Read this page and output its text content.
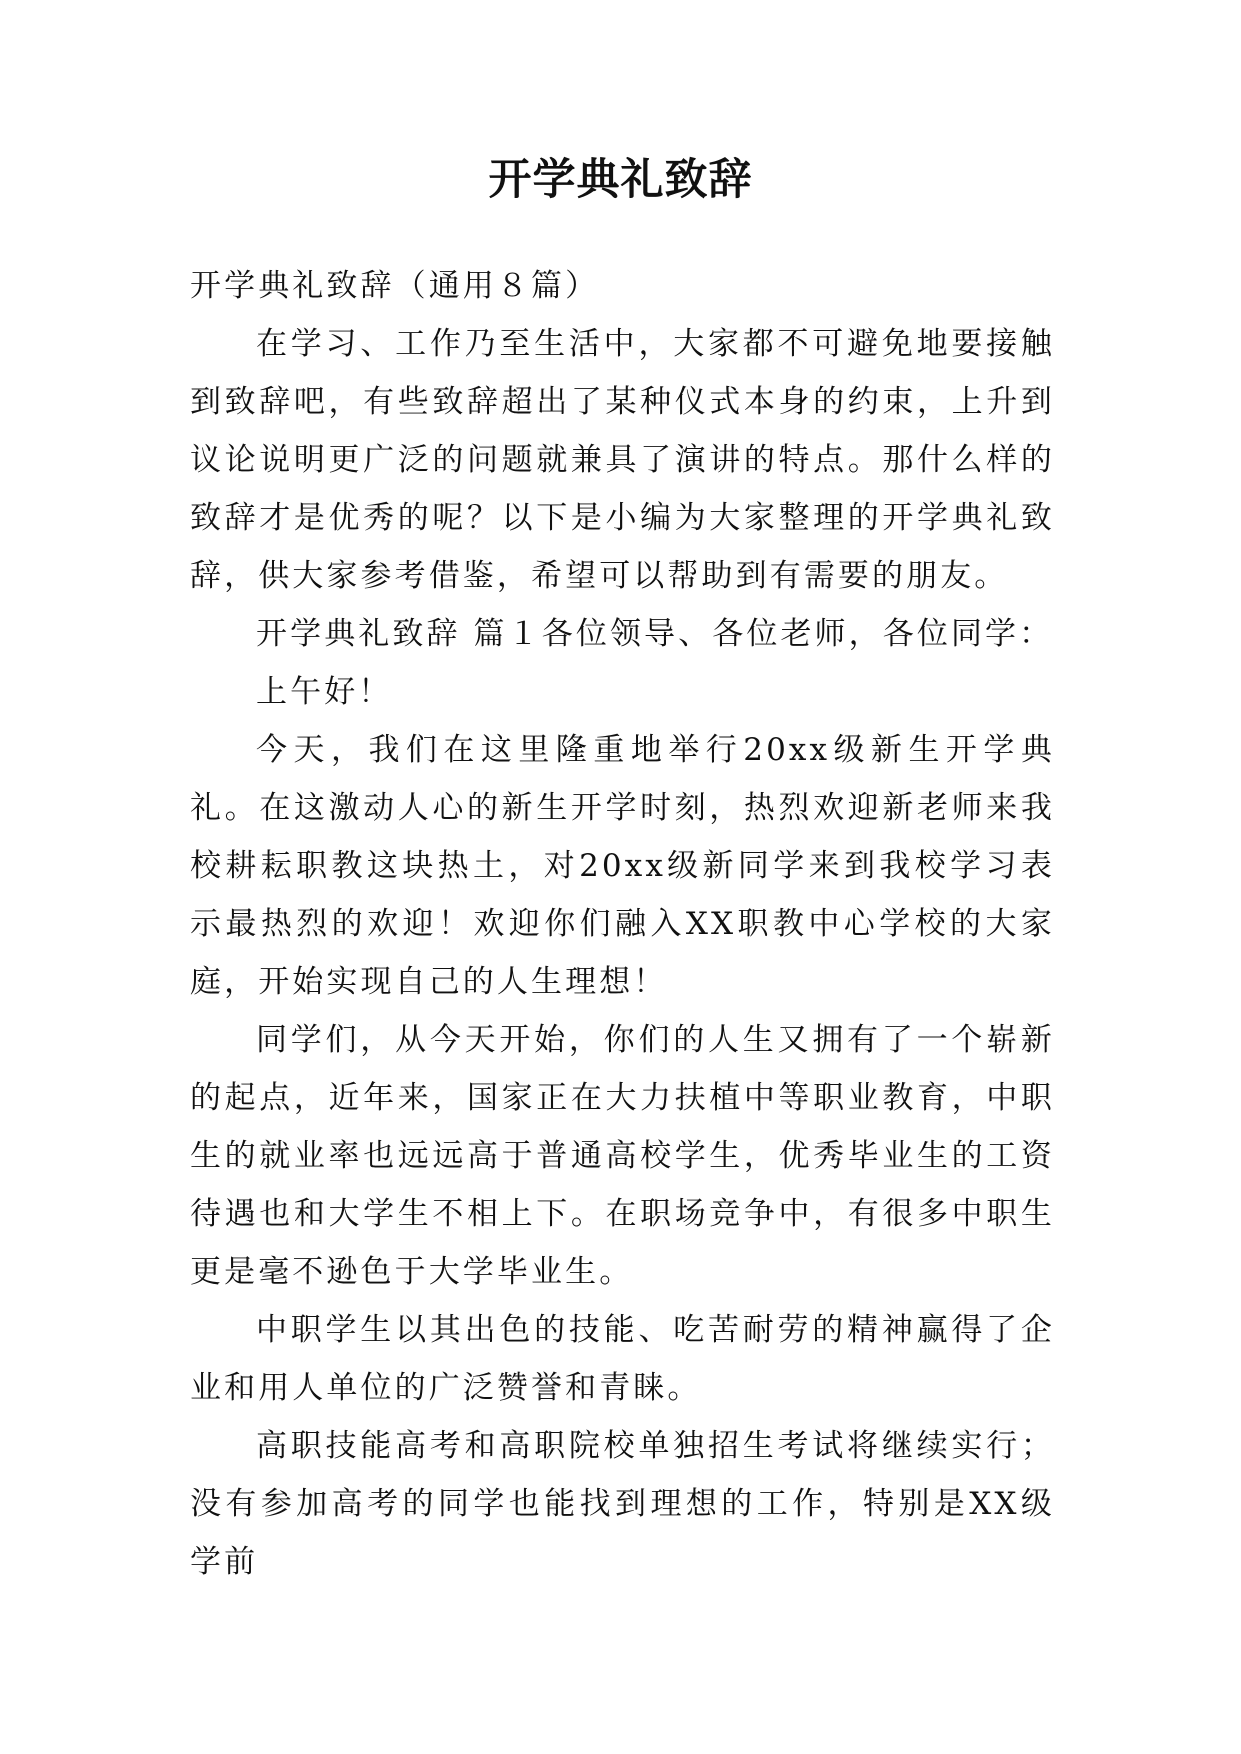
开学典礼致辞

开学典礼致辞（通用８篇）

在学习、工作乃至生活中，大家都不可避免地要接触到致辞吧，有些致辞超出了某种仪式本身的约束，上升到议论说明更广泛的问题就兼具了演讲的特点。那什么样的致辞才是优秀的呢？以下是小编为大家整理的开学典礼致辞，供大家参考借鉴，希望可以帮助到有需要的朋友。

开学典礼致辞 篇１各位领导、各位老师，各位同学：

上午好！

今天，我们在这里隆重地举行20xx级新生开学典礼。在这激动人心的新生开学时刻，热烈欢迎新老师来我校耕耘职教这块热土，对20xx级新同学来到我校学习表示最热烈的欢迎！欢迎你们融入XX职教中心学校的大家庭，开始实现自己的人生理想！

同学们，从今天开始，你们的人生又拥有了一个崭新的起点，近年来，国家正在大力扶植中等职业教育，中职生的就业率也远远高于普通高校学生，优秀毕业生的工资待遇也和大学生不相上下。在职场竞争中，有很多中职生更是毫不逊色于大学毕业生。

中职学生以其出色的技能、吃苦耐劳的精神赢得了企业和用人单位的广泛赞誉和青睐。

高职技能高考和高职院校单独招生考试将继续实行；没有参加高考的同学也能找到理想的工作，特别是XX级学前
